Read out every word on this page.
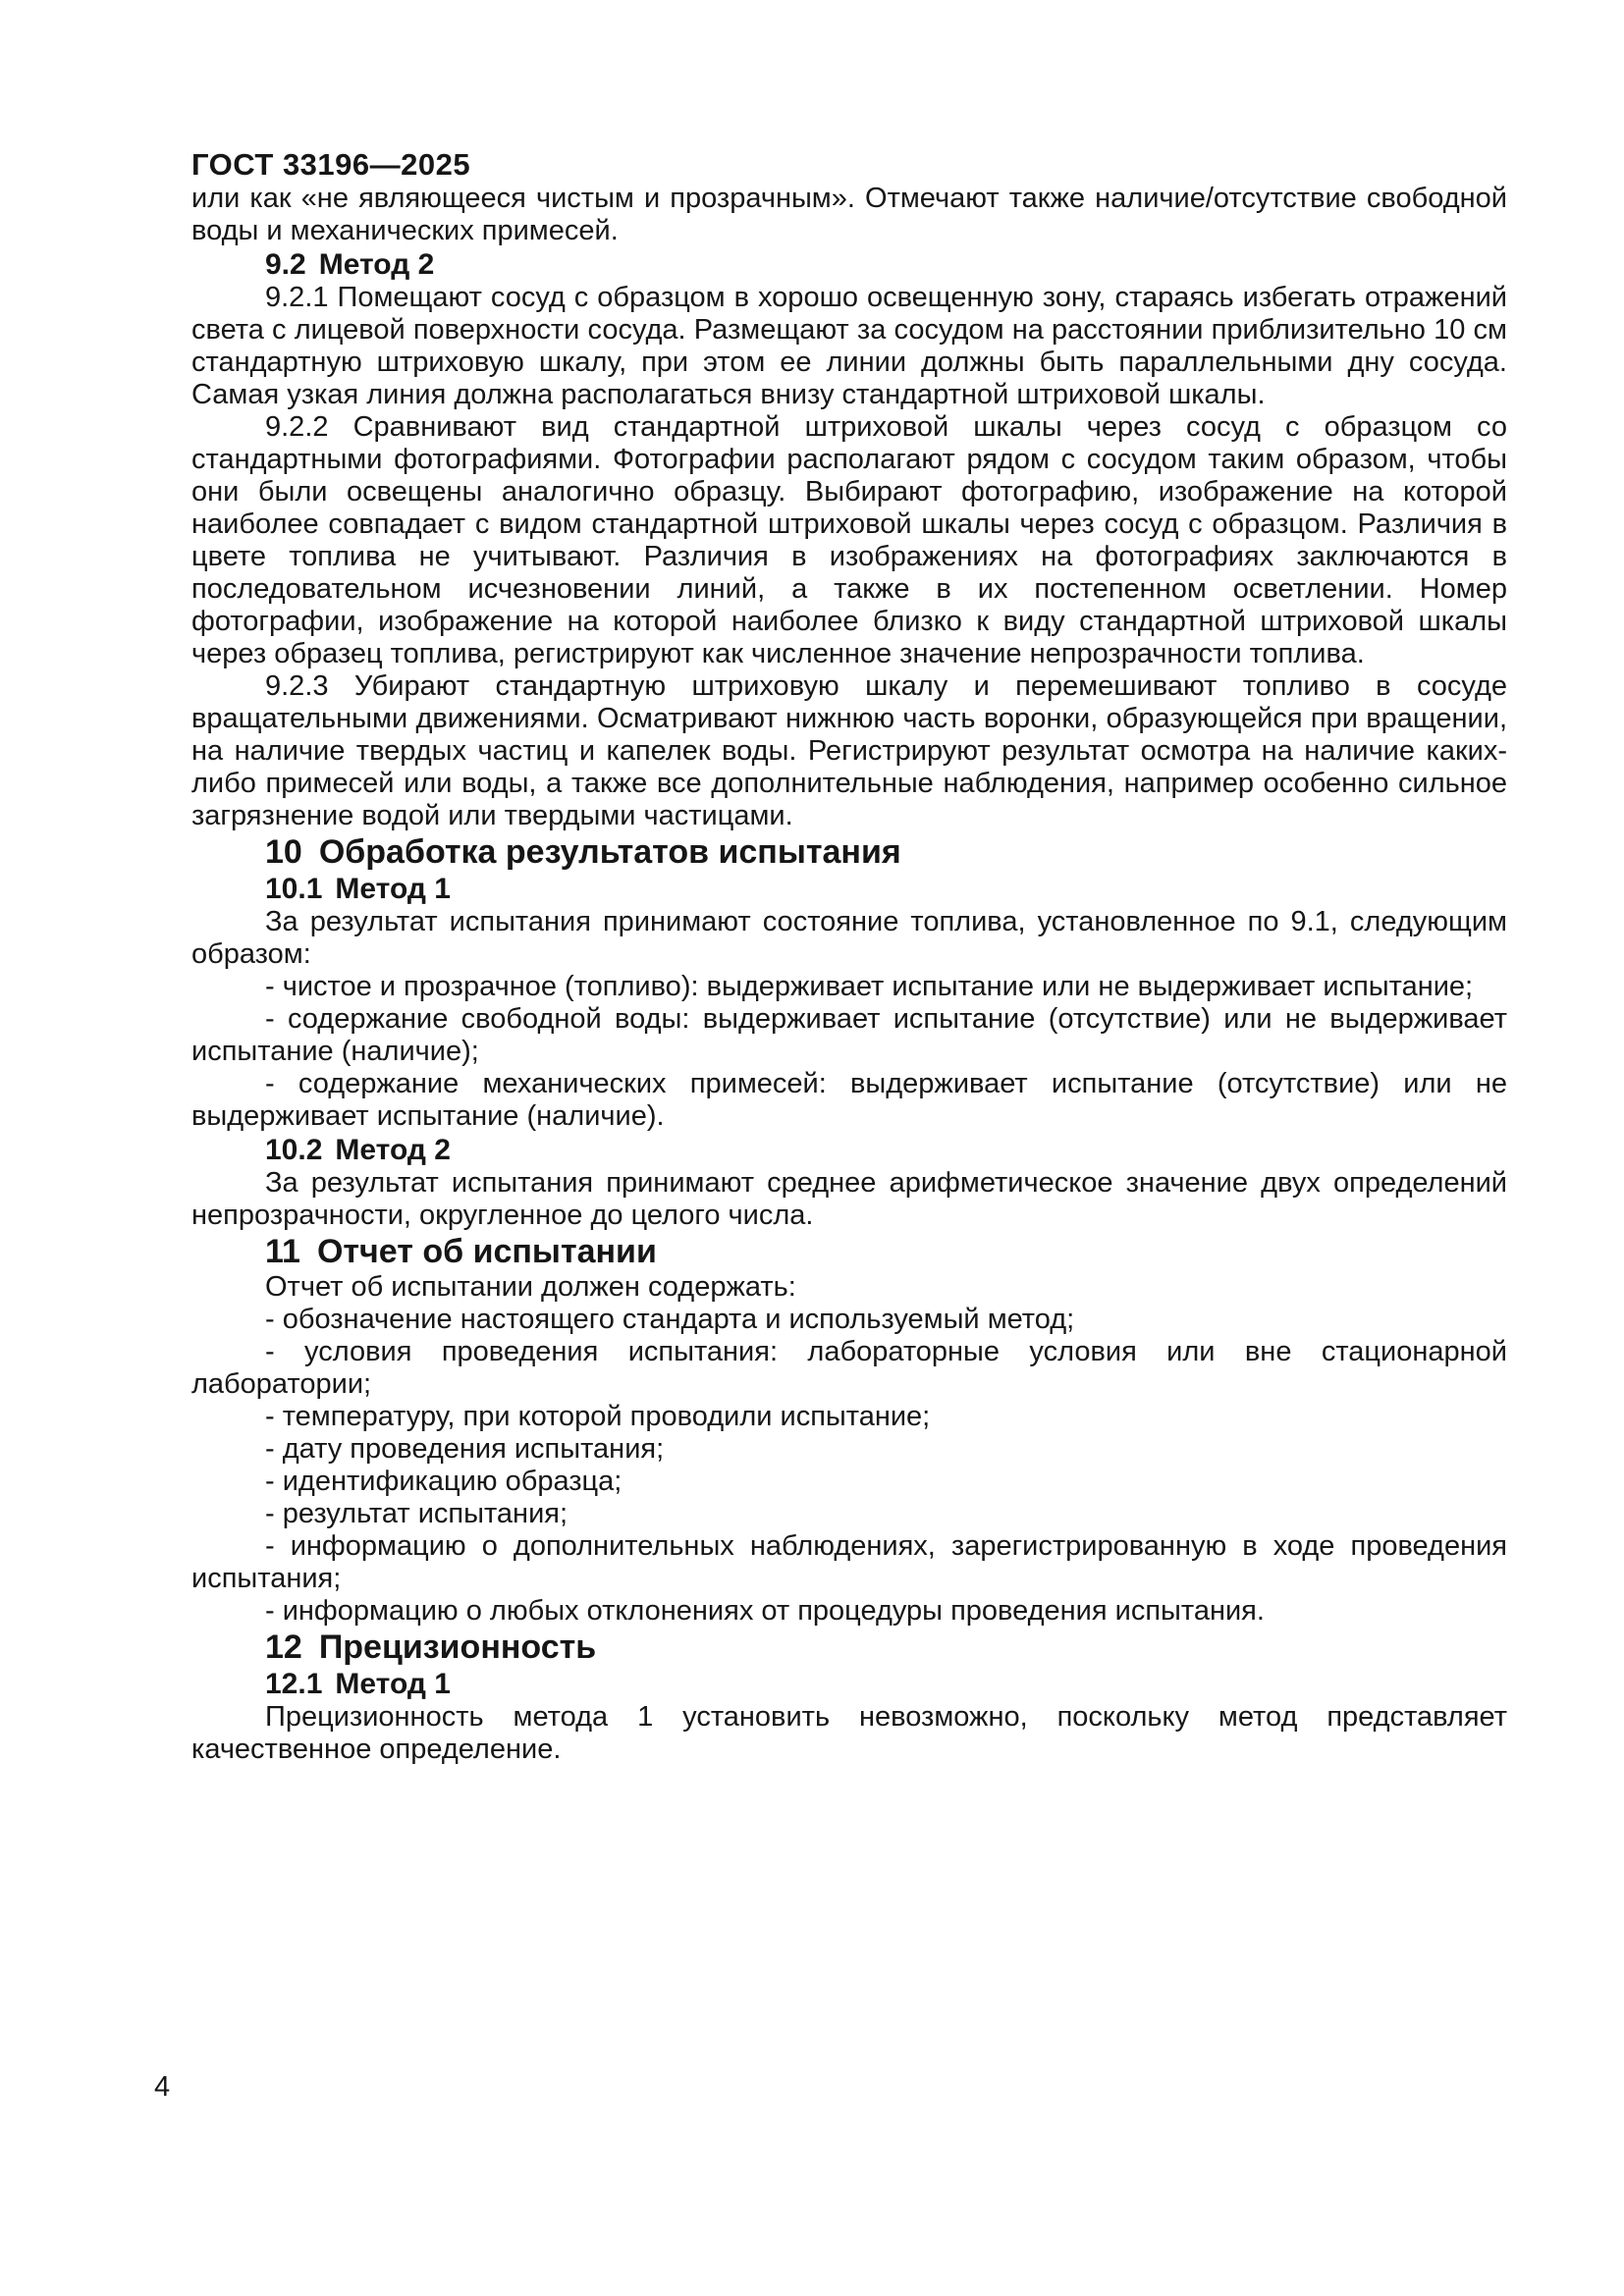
ГОСТ 33196—2025

или как «не являющееся чистым и прозрачным». Отмечают также наличие/отсутствие свободной воды и механических примесей.

9.2 Метод 2

9.2.1 Помещают сосуд с образцом в хорошо освещенную зону, стараясь избегать отражений света с лицевой поверхности сосуда. Размещают за сосудом на расстоянии приблизительно 10 см стандартную штриховую шкалу, при этом ее линии должны быть параллельными дну сосуда. Самая узкая линия должна располагаться внизу стандартной штриховой шкалы.

9.2.2 Сравнивают вид стандартной штриховой шкалы через сосуд с образцом со стандартными фотографиями. Фотографии располагают рядом с сосудом таким образом, чтобы они были освещены аналогично образцу. Выбирают фотографию, изображение на которой наиболее совпадает с видом стандартной штриховой шкалы через сосуд с образцом. Различия в цвете топлива не учитывают. Различия в изображениях на фотографиях заключаются в последовательном исчезновении линий, а также в их постепенном осветлении. Номер фотографии, изображение на которой наиболее близко к виду стандартной штриховой шкалы через образец топлива, регистрируют как численное значение непрозрачности топлива.

9.2.3 Убирают стандартную штриховую шкалу и перемешивают топливо в сосуде вращательными движениями. Осматривают нижнюю часть воронки, образующейся при вращении, на наличие твердых частиц и капелек воды. Регистрируют результат осмотра на наличие каких-либо примесей или воды, а также все дополнительные наблюдения, например особенно сильное загрязнение водой или твердыми частицами.

10 Обработка результатов испытания
10.1 Метод 1

За результат испытания принимают состояние топлива, установленное по 9.1, следующим образом:

- чистое и прозрачное (топливо): выдерживает испытание или не выдерживает испытание;

- содержание свободной воды: выдерживает испытание (отсутствие) или не выдерживает испытание (наличие);

- содержание механических примесей: выдерживает испытание (отсутствие) или не выдерживает испытание (наличие).

10.2 Метод 2

За результат испытания принимают среднее арифметическое значение двух определений непрозрачности, округленное до целого числа.

11 Отчет об испытании

Отчет об испытании должен содержать:

- обозначение настоящего стандарта и используемый метод;

- условия проведения испытания: лабораторные условия или вне стационарной лаборатории;

- температуру, при которой проводили испытание;

- дату проведения испытания;

- идентификацию образца;

- результат испытания;

- информацию о дополнительных наблюдениях, зарегистрированную в ходе проведения испытания;

- информацию о любых отклонениях от процедуры проведения испытания.

12 Прецизионность
12.1 Метод 1

Прецизионность метода 1 установить невозможно, поскольку метод представляет качественное определение.

4
